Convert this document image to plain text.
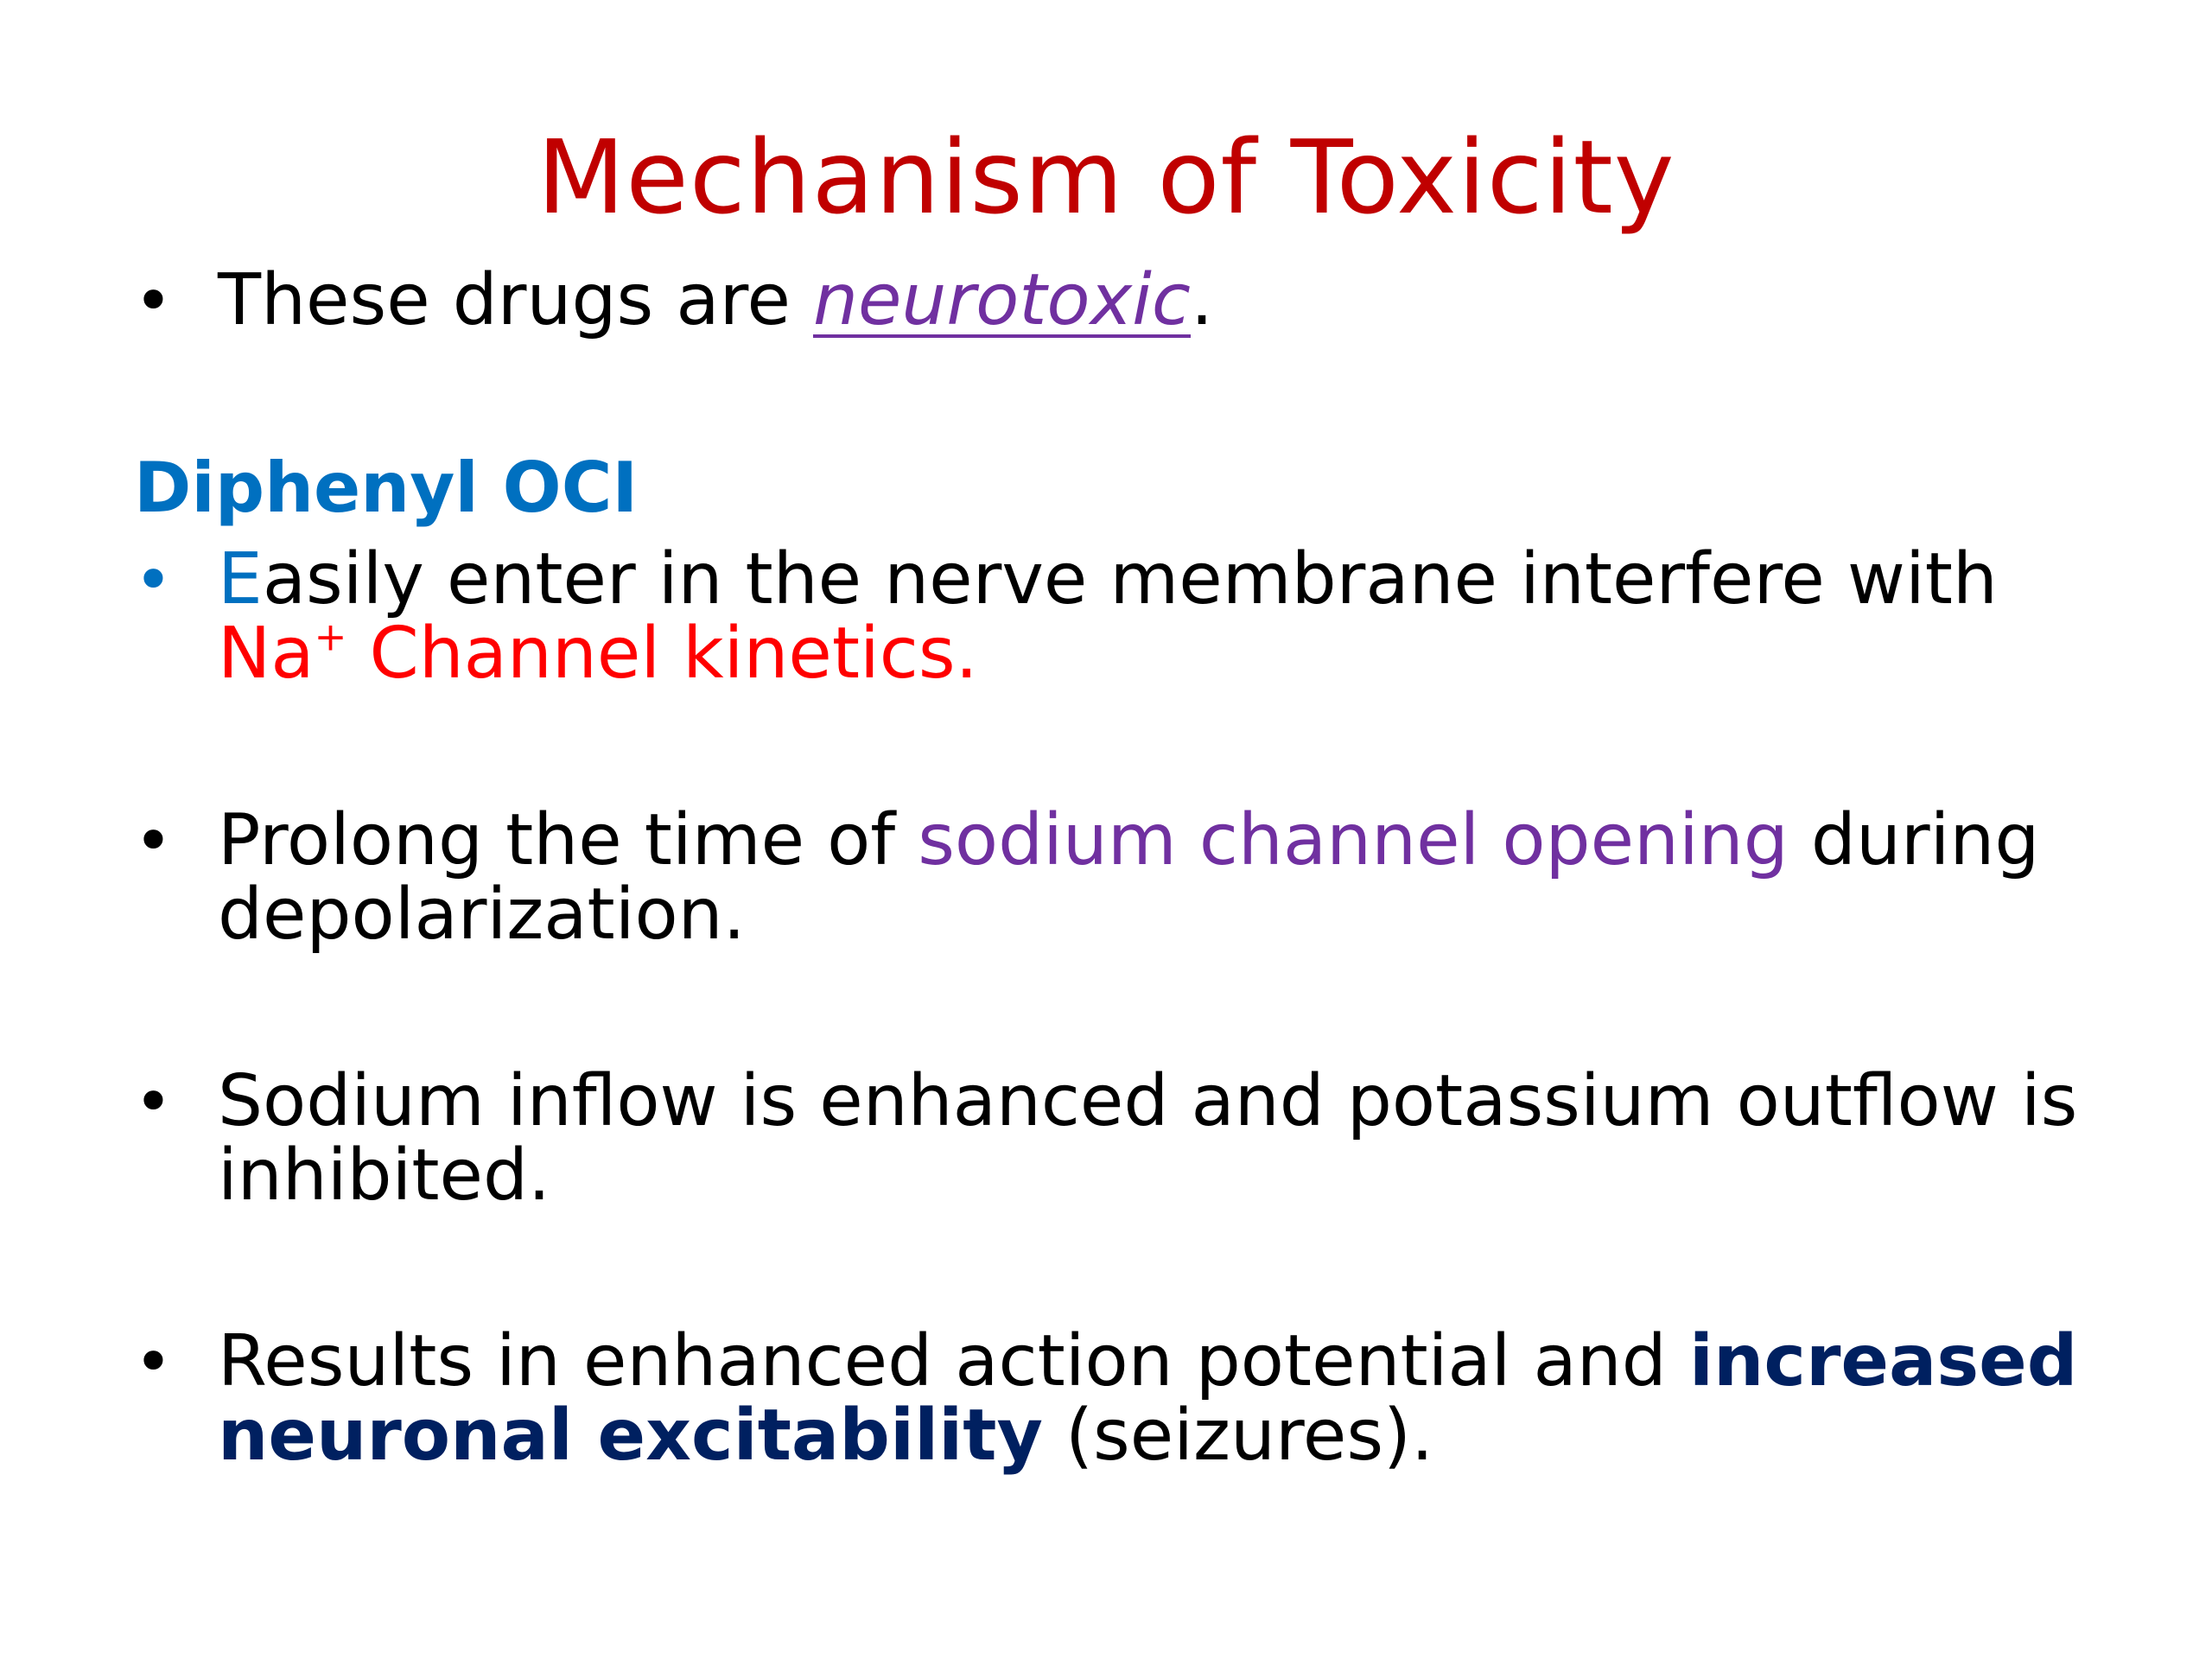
Mechanism of Toxicity
• These drugs are neurotoxic.
Diphenyl OCI
• Easily enter in the nerve membrane interfere with
Na+ Channel kinetics.
• Prolong the time of sodium channel opening during
depolarization.
• Sodium inflow is enhanced and potassium outflow is
inhibited.
• Results in enhanced action potential and increased
neuronal excitability (seizures).
